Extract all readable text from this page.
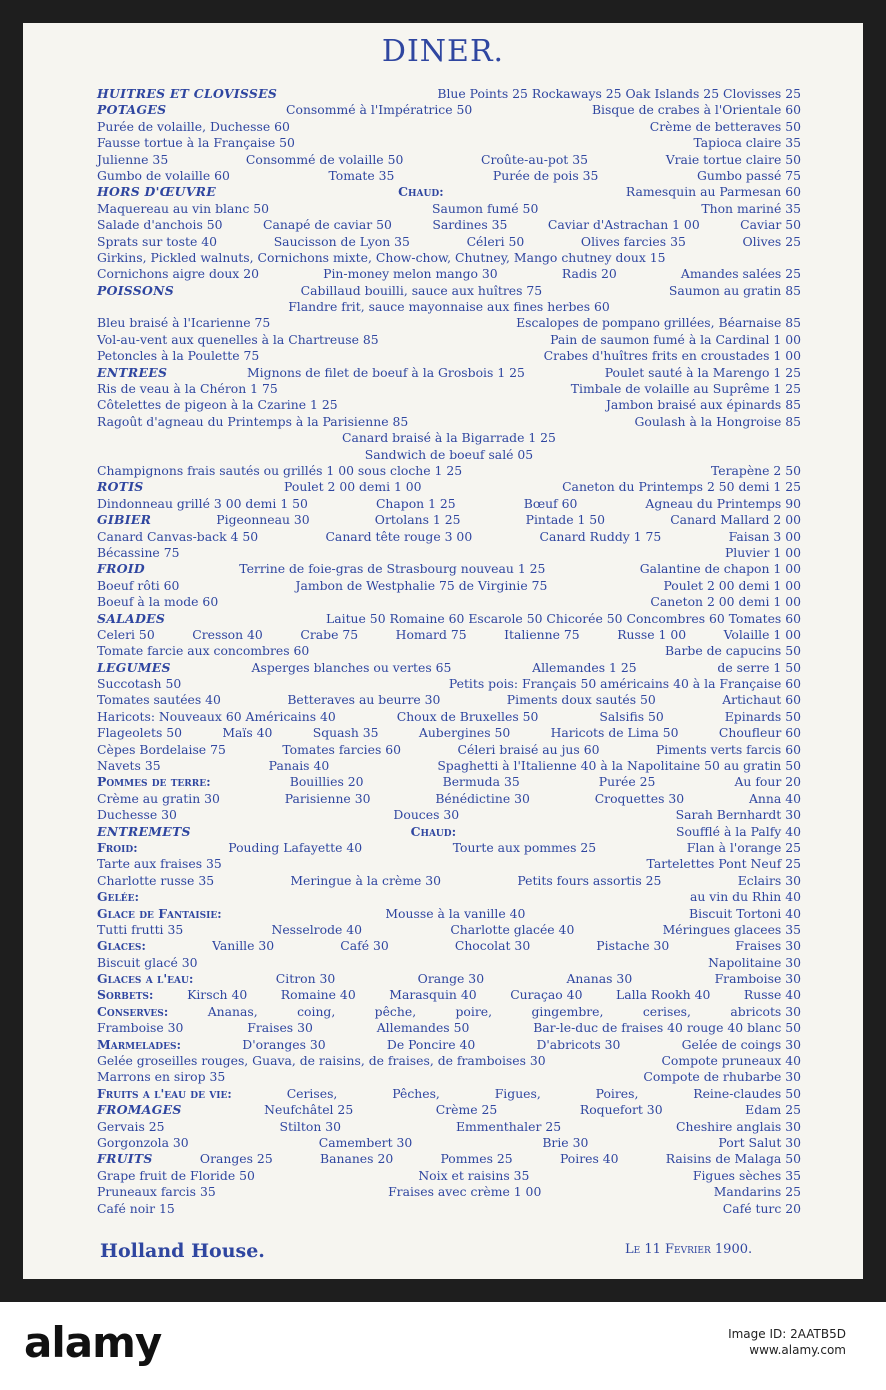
DINER.
HUITRES ET CLOVISSES	Blue Points 25 Rockaways 25 Oak Islands 25 Clovisses 25
POTAGES	Consommé à l'Impératrice 50	Bisque de crabes à l'Orientale 60
Purée de volaille, Duchesse 60	Crème de betteraves 50
Fausse tortue à la Française 50	Tapioca claire 35
Julienne 35	Consommé de volaille 50	Croûte-au-pot 35	Vraie tortue claire 50
Gumbo de volaille 60	Tomate 35	Purée de pois 35	Gumbo passé 75
HORS D'ŒUVRE	Chaud:	Ramesquin au Parmesan 60
Maquereau au vin blanc 50	Saumon fumé 50	Thon mariné 35
Salade d'anchois 50	Canapé de caviar 50	Sardines 35	Caviar d'Astrachan 1 00	Caviar 50
Sprats sur toste 40	Saucisson de Lyon 35	Céleri 50	Olives farcies 35	Olives 25
Girkins, Pickled walnuts, Cornichons mixte, Chow-chow, Chutney, Mango chutney doux 15
Cornichons aigre doux 20	Pin-money melon mango 30	Radis 20	Amandes salées 25
POISSONS	Cabillaud bouilli, sauce aux huîtres 75	Saumon au gratin 85
Flandre frit, sauce mayonnaise aux fines herbes 60
Bleu braisé à l'Icarienne 75	Escalopes de pompano grillées, Béarnaise 85
Vol-au-vent aux quenelles à la Chartreuse 85	Pain de saumon fumé à la Cardinal 1 00
Petoncles à la Poulette 75	Crabes d'huîtres frits en croustades 1 00
ENTREES	Mignons de filet de boeuf à la Grosbois 1 25	Poulet sauté à la Marengo 1 25
Ris de veau à la Chéron 1 75	Timbale de volaille au Suprême 1 25
Côtelettes de pigeon à la Czarine 1 25	Jambon braisé aux épinards 85
Ragoût d'agneau du Printemps à la Parisienne 85	Goulash à la Hongroise 85
Canard braisé à la Bigarrade 1 25
Sandwich de boeuf salé 05
Champignons frais sautés ou grillés 1 00 sous cloche 1 25	Terapène 2 50
ROTIS	Poulet 2 00 demi 1 00	Caneton du Printemps 2 50 demi 1 25
Dindonneau grillé 3 00 demi 1 50	Chapon 1 25	Bœuf 60	Agneau du Printemps 90
GIBIER	Pigeonneau 30	Ortolans 1 25	Pintade 1 50	Canard Mallard 2 00
Canard Canvas-back 4 50	Canard tête rouge 3 00	Canard Ruddy 1 75	Faisan 3 00
Bécassine 75	Pluvier 1 00
FROID	Terrine de foie-gras de Strasbourg nouveau 1 25	Galantine de chapon 1 00
Boeuf rôti 60	Jambon de Westphalie 75 de Virginie 75	Poulet 2 00 demi 1 00
Boeuf à la mode 60	Caneton 2 00 demi 1 00
SALADES	Laitue 50 Romaine 60 Escarole 50 Chicorée 50 Concombres 60 Tomates 60
Celeri 50	Cresson 40	Crabe 75	Homard 75	Italienne 75	Russe 1 00	Volaille 1 00
Tomate farcie aux concombres 60	Barbe de capucins 50
LEGUMES	Asperges blanches ou vertes 65	Allemandes 1 25	de serre 1 50
Succotash 50	Petits pois: Français 50 américains 40 à la Française 60
Tomates sautées 40	Betteraves au beurre 30	Piments doux sautés 50	Artichaut 60
Haricots: Nouveaux 60 Américains 40	Choux de Bruxelles 50	Salsifis 50	Epinards 50
Flageolets 50	Maïs 40	Squash 35	Aubergines 50	Haricots de Lima 50	Choufleur 60
Cèpes Bordelaise 75	Tomates farcies 60	Céleri braisé au jus 60	Piments verts farcis 60
Navets 35	Panais 40	Spaghetti à l'Italienne 40 à la Napolitaine 50 au gratin 50
Pommes de terre:	Bouillies 20	Bermuda 35	Purée 25	Au four 20
Crème au gratin 30	Parisienne 30	Bénédictine 30	Croquettes 30	Anna 40
Duchesse 30	Douces 30	Sarah Bernhardt 30
ENTREMETS	Chaud:	Soufflé à la Palfy 40
Froid:	Pouding Lafayette 40	Tourte aux pommes 25	Flan à l'orange 25
Tarte aux fraises 35	Tartelettes Pont Neuf 25
Charlotte russe 35	Meringue à la crème 30	Petits fours assortis 25	Eclairs 30
Gelée:	au vin du Rhin 40
Glace de Fantaisie:	Mousse à la vanille 40	Biscuit Tortoni 40
Tutti frutti 35	Nesselrode 40	Charlotte glacée 40	Méringues glacees 35
Glaces:	Vanille 30	Café 30	Chocolat 30	Pistache 30	Fraises 30
Biscuit glacé 30	Napolitaine 30
Glaces a l'eau:	Citron 30	Orange 30	Ananas 30	Framboise 30
Sorbets:	Kirsch 40	Romaine 40	Marasquin 40	Curaçao 40	Lalla Rookh 40	Russe 40
Conserves:	Ananas,	coing,	pêche,	poire,	gingembre,	cerises,	abricots 30
Framboise 30	Fraises 30	Allemandes 50	Bar-le-duc de fraises 40 rouge 40 blanc 50
Marmelades:	D'oranges 30	De Poncire 40	D'abricots 30	Gelée de coings 30
Gelée groseilles rouges, Guava, de raisins, de fraises, de framboises 30	Compote pruneaux 40
Marrons en sirop 35	Compote de rhubarbe 30
Fruits a l'eau de vie:	Cerises,	Pêches,	Figues,	Poires,	Reine-claudes 50
FROMAGES	Neufchâtel 25	Crème 25	Roquefort 30	Edam 25
Gervais 25	Stilton 30	Emmenthaler 25	Cheshire anglais 30
Gorgonzola 30	Camembert 30	Brie 30	Port Salut 30
FRUITS	Oranges 25	Bananes 20	Pommes 25	Poires 40	Raisins de Malaga 50
Grape fruit de Floride 50	Noix et raisins 35	Figues sèches 35
Pruneaux farcis 35	Fraises avec crème 1 00	Mandarins 25
Café noir 15	Café turc 20
Holland House.	Le 11 Fevrier 1900.
alamy	Image ID: 2AATB5D
www.alamy.com
